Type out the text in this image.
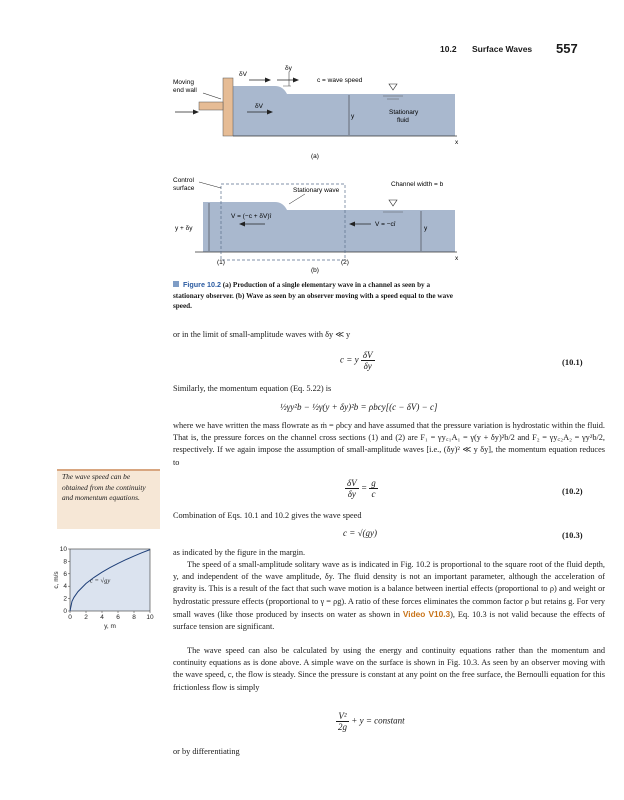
10.2 Surface Waves 557
δV
δy
c = wave speed
Moving
end wall
δV
y
Stationary
fluid
x
(a)
Control
surface	Stationary wave
Channel width = b
V = (−c + δV)î
V = −cî
y + δy	y
x
(1)	(2)
(b)
Figure 10.2 (a) Production of a single elementary wave in a channel as seen by a stationary observer. (b) Wave as seen by an observer moving with a speed equal to the wave speed.
or in the limit of small-amplitude waves with δy ≪ y
c = y $\frac{\delta V}{\delta y}$	(10.1)
Similarly, the momentum equation (Eq. 5.22) is
½γy²b − ½γ(y + δy)²b = ρbcy[(c − δV) − c]
where we have written the mass flowrate as ṁ = ρbcy and have assumed that the pressure variation is hydrostatic within the fluid. That is, the pressure forces on the channel cross sections (1) and (2) are F₁ = γy꜀₁A₁ = γ(y + δy)²b/2 and F₂ = γy꜀₂A₂ = γy²b/2, respectively. If we again impose the assumption of small-amplitude waves [i.e., (δy)² ≪ y δy], the momentum equation reduces to
$\frac{\delta V}{\delta y} = \frac{g}{c}$	(10.2)
Combination of Eqs. 10.1 and 10.2 gives the wave speed
c = √(gy)	(10.3)
as indicated by the figure in the margin.
The speed of a small-amplitude solitary wave as is indicated in Fig. 10.2 is proportional to the square root of the fluid depth, y, and independent of the wave amplitude, δy. The fluid density is not an important parameter, although the acceleration of gravity is. This is a result of the fact that such wave motion is a balance between inertial effects (proportional to ρ) and weight or hydrostatic pressure effects (proportional to γ = ρg). A ratio of these forces eliminates the common factor ρ but retains g. For very small waves (like those produced by insects on water as shown in Video V10.3), Eq. 10.3 is not valid because the effects of surface tension are significant.
The wave speed can also be calculated by using the energy and continuity equations rather than the momentum and continuity equations as is done above. A simple wave on the surface is shown in Fig. 10.3. As seen by an observer moving with the wave speed, c, the flow is steady. Since the pressure is constant at any point on the free surface, the Bernoulli equation for this frictionless flow is simply
$\frac{\text{V²}}{2g} + y$ = constant
or by differentiating
The wave speed can be obtained from the continuity and momentum equations.
0 2 4 6 8 10
0
2
4
6
8
10
c = √gy
y, m
c, m/s
